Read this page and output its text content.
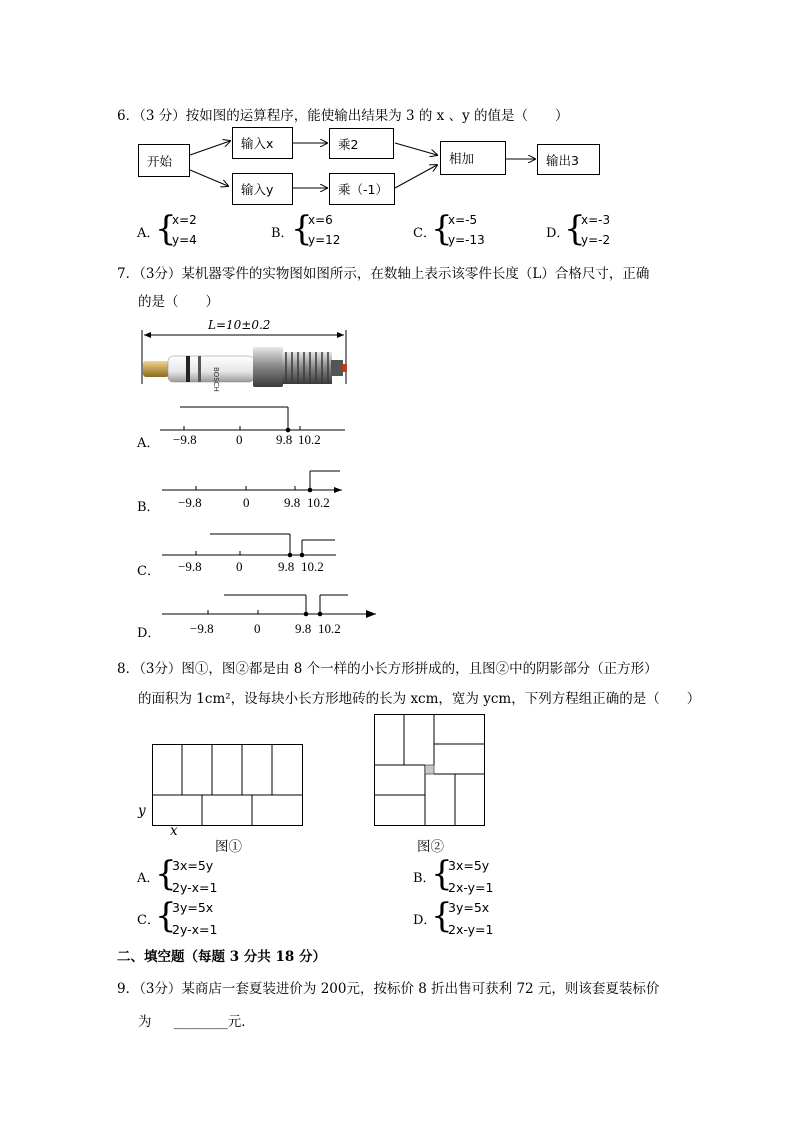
6．（3 分）按如图的运算程序，能使输出结果为 3 的 x 、y 的值是（　　）
开始
输入x
输入y
乘2
乘（-1）
相加	输出3
A．
{
x=2
y=4	B．
{
x=6
y=12	C．
{
x=-5
y=-13	D．
{
x=-3
y=-2
7．（3分）某机器零件的实物图如图所示，在数轴上表示该零件长度（L）合格尺寸，正确
的是（　　）
L=10±0.2
BOSCH
A． −9.8	0	9.8 10.2
B． −9.8	0	9.8 10.2
C． −9.8	0	9.8 10.2
D． −9.8	0	9.8 10.2
8．（3分）图①，图②都是由 8 个一样的小长方形拼成的，且图②中的阴影部分（正方形）
的面积为 1cm²，设每块小长方形地砖的长为 xcm，宽为 ycm，下列方程组正确的是（　　）
y
x
图①	图②
A．
{
3x=5y
2y-x=1
B．
{
3x=5y
2x-y=1
C．
{
3y=5x
2y-x=1
D．
{
3y=5x
2x-y=1
二、填空题（每题 3 分共 18 分）
9．（3分）某商店一套夏装进价为 200元，按标价 8 折出售可获利 72 元，则该套夏装标价
为 ________元．
